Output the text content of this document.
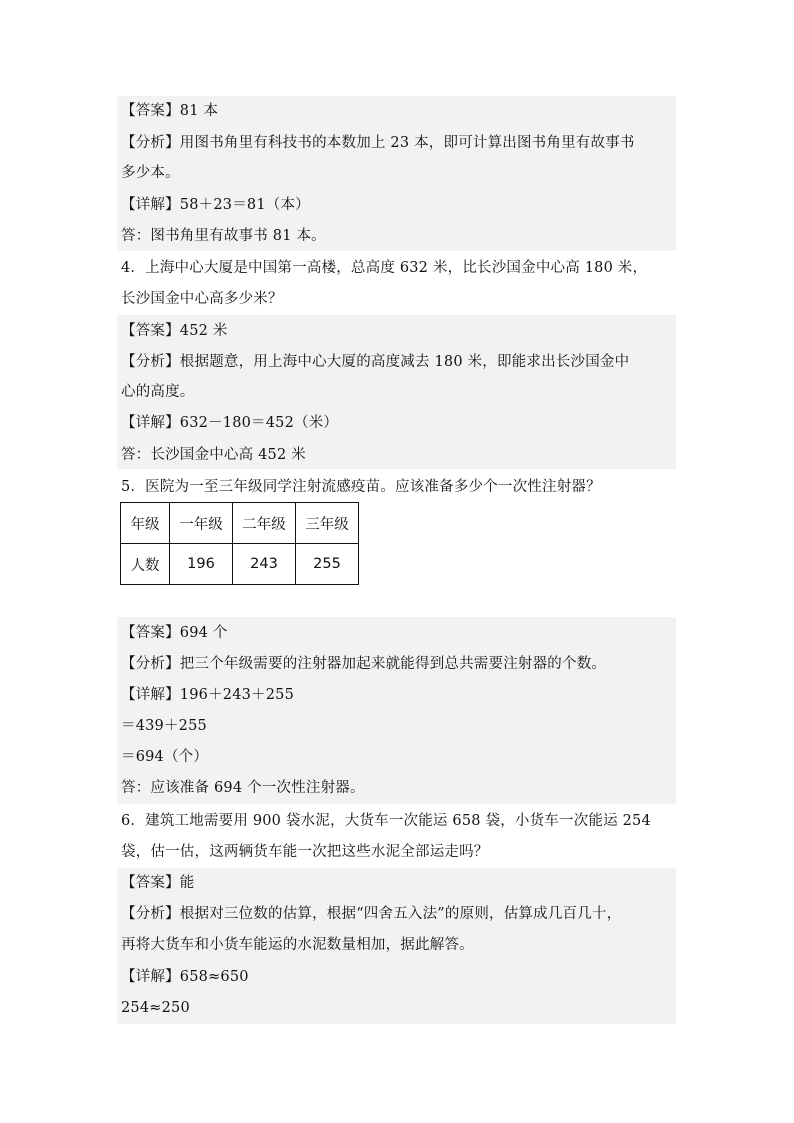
【答案】81 本
【分析】用图书角里有科技书的本数加上 23 本，即可计算出图书角里有故事书
多少本。
【详解】58＋23＝81（本）
答：图书角里有故事书 81 本。
4．上海中心大厦是中国第一高楼，总高度 632 米，比长沙国金中心高 180 米，
长沙国金中心高多少米？
【答案】452 米
【分析】根据题意，用上海中心大厦的高度减去 180 米，即能求出长沙国金中
心的高度。
【详解】632－180＝452（米）
答：长沙国金中心高 452 米
5．医院为一至三年级同学注射流感疫苗。应该准备多少个一次性注射器？
年级	一年级	二年级	三年级
人数	196	243	255
【答案】694 个
【分析】把三个年级需要的注射器加起来就能得到总共需要注射器的个数。
【详解】196＋243＋255
＝439＋255
＝694（个）
答：应该准备 694 个一次性注射器。
6．建筑工地需要用 900 袋水泥，大货车一次能运 658 袋，小货车一次能运 254
袋，估一估，这两辆货车能一次把这些水泥全部运走吗？
【答案】能
【分析】根据对三位数的估算，根据“四舍五入法”的原则，估算成几百几十，
再将大货车和小货车能运的水泥数量相加，据此解答。
【详解】658≈650
254≈250
